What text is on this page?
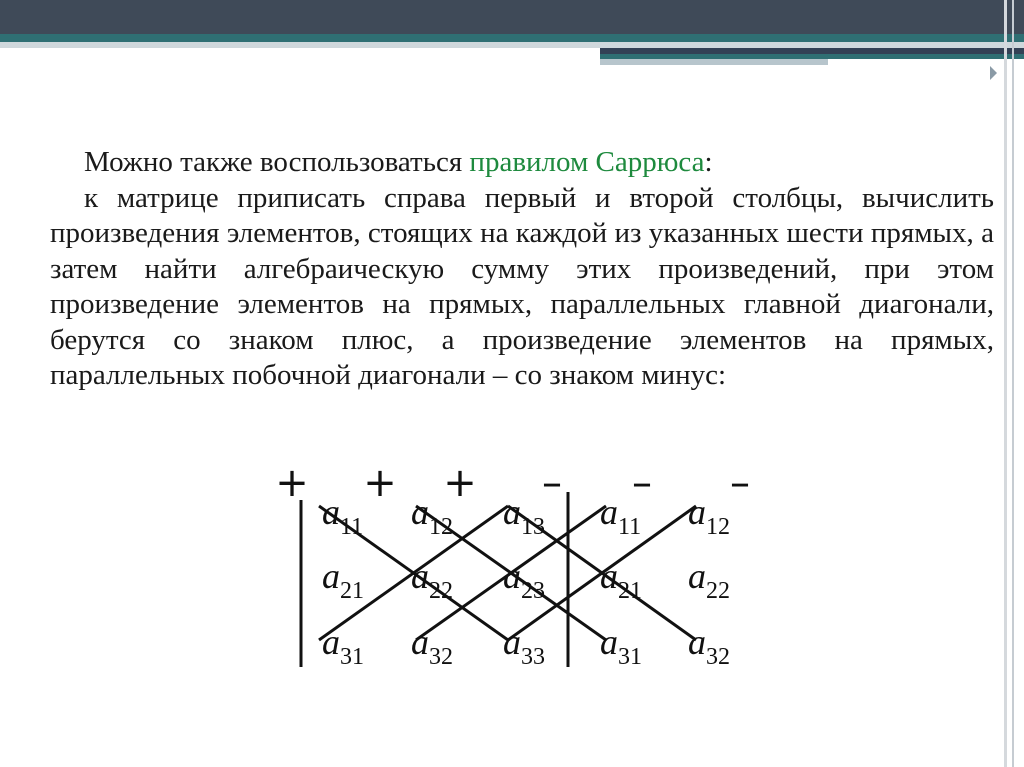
Можно также воспользоваться правилом Саррюса:

к матрице приписать справа первый и второй столбцы, вычислить произведения элементов, стоящих на каждой из указанных шести прямых, а затем найти алгебраическую сумму этих произведений, при этом произведение элементов на прямых, параллельных главной диагонали, берутся со знаком плюс, а произведение элементов на прямых, параллельных побочной диагонали – со знаком минус:

+ + + – – –
a11 a12 a13 a11 a12
a21 a22 a23 a21 a22
a31 a32 a33 a31 a32
